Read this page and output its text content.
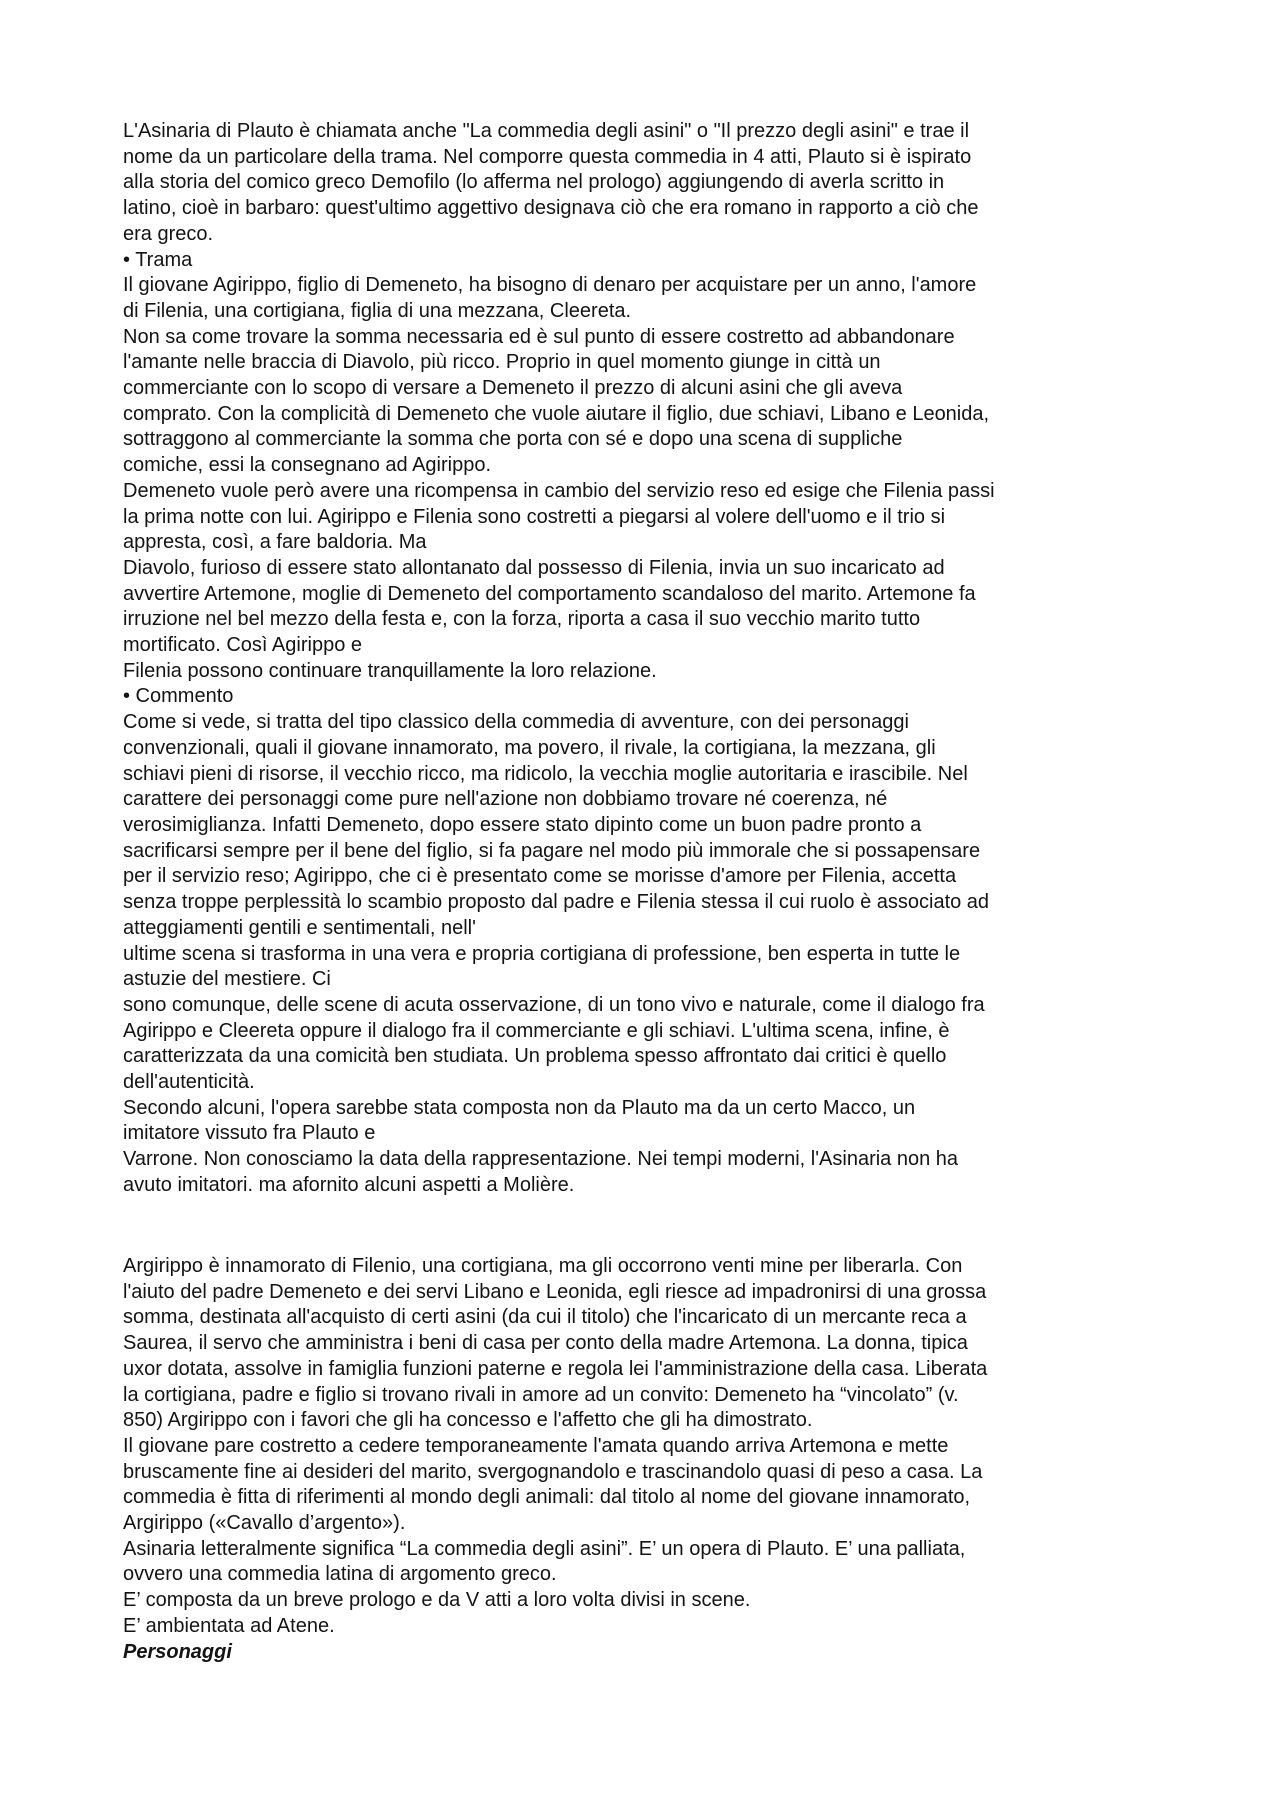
L'Asinaria di Plauto è chiamata anche "La commedia degli asini" o "Il prezzo degli asini" e trae il
nome da un particolare della trama. Nel comporre questa commedia in 4 atti, Plauto si è ispirato
alla storia del comico greco Demofilo (lo afferma nel prologo) aggiungendo di averla scritto in
latino, cioè in barbaro: quest'ultimo aggettivo designava ciò che era romano in rapporto a ciò che
era greco.
• Trama
Il giovane Agirippo, figlio di Demeneto, ha bisogno di denaro per acquistare per un anno, l'amore
di Filenia, una cortigiana, figlia di una mezzana, Cleereta.
Non sa come trovare la somma necessaria ed è sul punto di essere costretto ad abbandonare
l'amante nelle braccia di Diavolo, più ricco. Proprio in quel momento giunge in città un
commerciante con lo scopo di versare a Demeneto il prezzo di alcuni asini che gli aveva
comprato. Con la complicità di Demeneto che vuole aiutare il figlio, due schiavi, Libano e Leonida,
sottraggono al commerciante la somma che porta con sé e dopo una scena di suppliche
comiche, essi la consegnano ad Agirippo.
Demeneto vuole però avere una ricompensa in cambio del servizio reso ed esige che Filenia passi
la prima notte con lui. Agirippo e Filenia sono costretti a piegarsi al volere dell'uomo e il trio si
appresta, così, a fare baldoria. Ma
Diavolo, furioso di essere stato allontanato dal possesso di Filenia, invia un suo incaricato ad
avvertire Artemone, moglie di Demeneto del comportamento scandaloso del marito. Artemone fa
irruzione nel bel mezzo della festa e, con la forza, riporta a casa il suo vecchio marito tutto
mortificato. Così Agirippo e
Filenia possono continuare tranquillamente la loro relazione.
• Commento
Come si vede, si tratta del tipo classico della commedia di avventure, con dei personaggi
convenzionali, quali il giovane innamorato, ma povero, il rivale, la cortigiana, la mezzana, gli
schiavi pieni di risorse, il vecchio ricco, ma ridicolo, la vecchia moglie autoritaria e irascibile. Nel
carattere dei personaggi come pure nell'azione non dobbiamo trovare né coerenza, né
verosimiglianza. Infatti Demeneto, dopo essere stato dipinto come un buon padre pronto a
sacrificarsi sempre per il bene del figlio, si fa pagare nel modo più immorale che si possapensare
per il servizio reso; Agirippo, che ci è presentato come se morisse d'amore per Filenia, accetta
senza troppe perplessità lo scambio proposto dal padre e Filenia stessa il cui ruolo è associato ad
atteggiamenti gentili e sentimentali, nell'
ultime scena si trasforma in una vera e propria cortigiana di professione, ben esperta in tutte le
astuzie del mestiere. Ci
sono comunque, delle scene di acuta osservazione, di un tono vivo e naturale, come il dialogo fra
Agirippo e Cleereta oppure il dialogo fra il commerciante e gli schiavi. L'ultima scena, infine, è
caratterizzata da una comicità ben studiata. Un problema spesso affrontato dai critici è quello
dell'autenticità.
Secondo alcuni, l'opera sarebbe stata composta non da Plauto ma da un certo Macco, un
imitatore vissuto fra Plauto e
Varrone. Non conosciamo la data della rappresentazione. Nei tempi moderni, l'Asinaria non ha
avuto imitatori. ma afornito alcuni aspetti a Molière.
Argirippo è innamorato di Filenio, una cortigiana, ma gli occorrono venti mine per liberarla. Con
l'aiuto del padre Demeneto e dei servi Libano e Leonida, egli riesce ad impadronirsi di una grossa
somma, destinata all'acquisto di certi asini (da cui il titolo) che l'incaricato di un mercante reca a
Saurea, il servo che amministra i beni di casa per conto della madre Artemona. La donna, tipica
uxor dotata, assolve in famiglia funzioni paterne e regola lei l'amministrazione della casa. Liberata
la cortigiana, padre e figlio si trovano rivali in amore ad un convito: Demeneto ha “vincolato” (v.
850) Argirippo con i favori che gli ha concesso e l'affetto che gli ha dimostrato.
Il giovane pare costretto a cedere temporaneamente l'amata quando arriva Artemona e mette
bruscamente fine ai desideri del marito, svergognandolo e trascinandolo quasi di peso a casa. La
commedia è fitta di riferimenti al mondo degli animali: dal titolo al nome del giovane innamorato,
Argirippo («Cavallo d’argento»).
Asinaria letteralmente significa “La commedia degli asini”. E’ un opera di Plauto. E’ una palliata,
ovvero una commedia latina di argomento greco.
E’ composta da un breve prologo e da V atti a loro volta divisi in scene.
E’ ambientata ad Atene.
Personaggi
